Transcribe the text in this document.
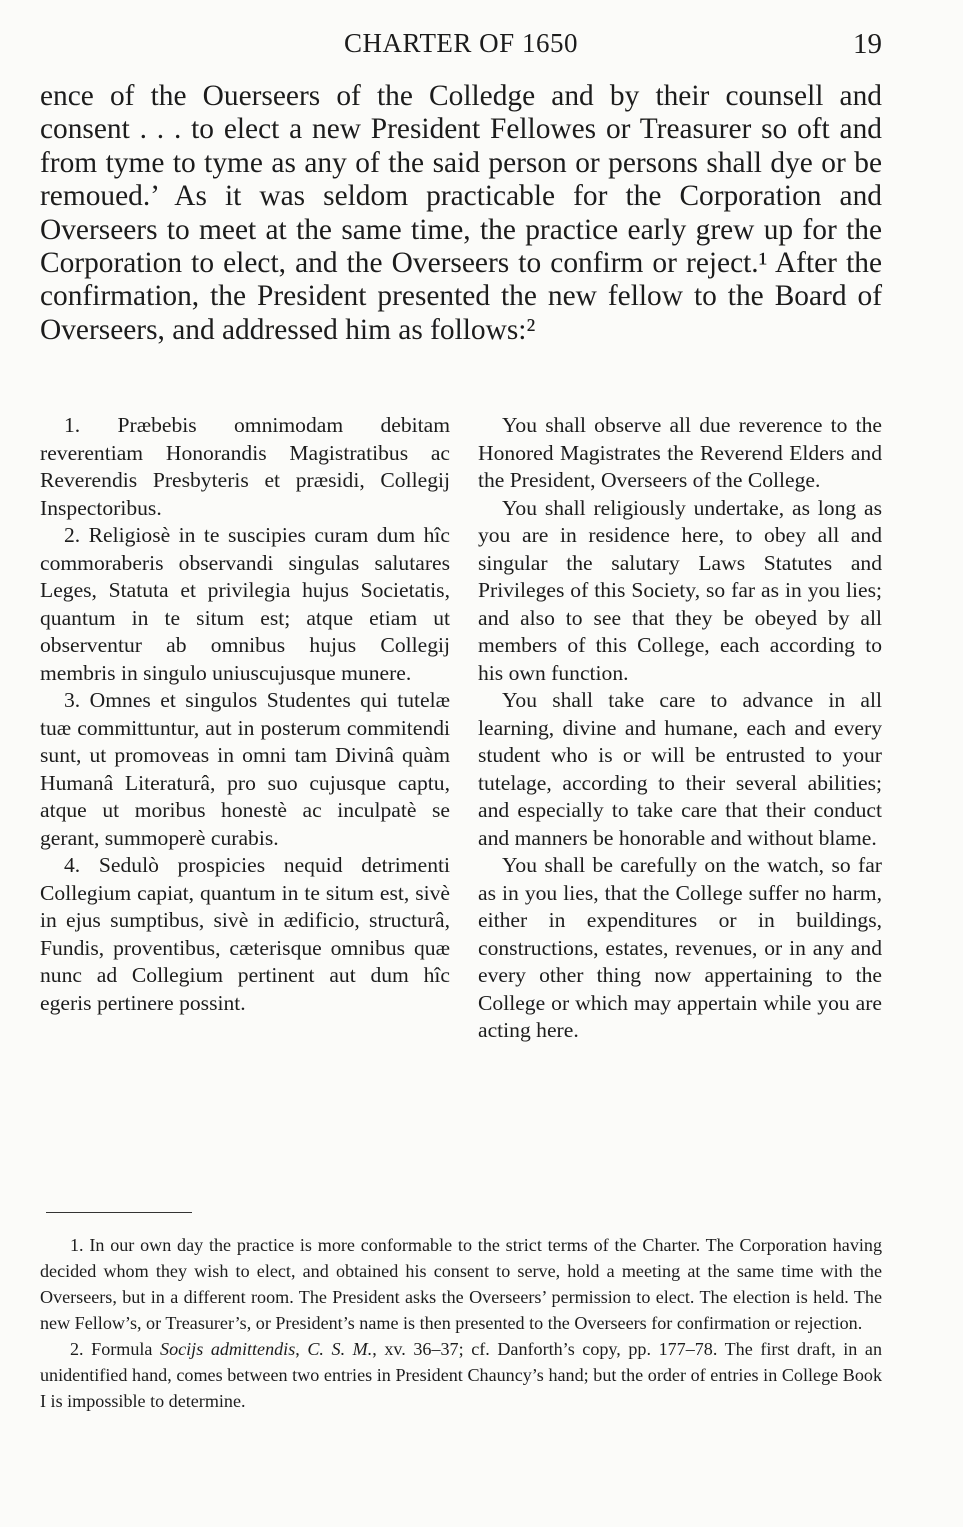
CHARTER OF 1650	19

ence of the Ouerseers of the Colledge and by their counsell and consent . . . to elect a new President Fellowes or Treasurer so oft and from tyme to tyme as any of the said person or persons shall dye or be remoued.’ As it was seldom practicable for the Corporation and Overseers to meet at the same time, the practice early grew up for the Corporation to elect, and the Overseers to confirm or reject.¹ After the confirmation, the President presented the new fellow to the Board of Overseers, and addressed him as follows:²

1. Præbebis omnimodam debitam reverentiam Honorandis Magistratibus ac Reverendis Presbyteris et præsidi, Collegij Inspectoribus.

2. Religiosè in te suscipies curam dum hîc commoraberis observandi singulas salutares Leges, Statuta et privilegia hujus Societatis, quantum in te situm est; atque etiam ut observentur ab omnibus hujus Collegij membris in singulo uniuscujusque munere.

3. Omnes et singulos Studentes qui tutelæ tuæ committuntur, aut in posterum commitendi sunt, ut promoveas in omni tam Divinâ quàm Humanâ Literaturâ, pro suo cujusque captu, atque ut moribus honestè ac inculpatè se gerant, summoperè curabis.

4. Sedulò prospicies nequid detrimenti Collegium capiat, quantum in te situm est, sivè in ejus sumptibus, sivè in ædificio, structurâ, Fundis, proventibus, cæterisque omnibus quæ nunc ad Collegium pertinent aut dum hîc egeris pertinere possint.

You shall observe all due reverence to the Honored Magistrates the Reverend Elders and the President, Overseers of the College.

You shall religiously undertake, as long as you are in residence here, to obey all and singular the salutary Laws Statutes and Privileges of this Society, so far as in you lies; and also to see that they be obeyed by all members of this College, each according to his own function.

You shall take care to advance in all learning, divine and humane, each and every student who is or will be entrusted to your tutelage, according to their several abilities; and especially to take care that their conduct and manners be honorable and without blame.

You shall be carefully on the watch, so far as in you lies, that the College suffer no harm, either in expenditures or in buildings, constructions, estates, revenues, or in any and every other thing now appertaining to the College or which may appertain while you are acting here.

1. In our own day the practice is more conformable to the strict terms of the Charter. The Corporation having decided whom they wish to elect, and obtained his consent to serve, hold a meeting at the same time with the Overseers, but in a different room. The President asks the Overseers’ permission to elect. The election is held. The new Fellow’s, or Treasurer’s, or President’s name is then presented to the Overseers for confirmation or rejection.

2. Formula Socijs admittendis, C. S. M., xv. 36–37; cf. Danforth’s copy, pp. 177–78. The first draft, in an unidentified hand, comes between two entries in President Chauncy’s hand; but the order of entries in College Book I is impossible to determine.
